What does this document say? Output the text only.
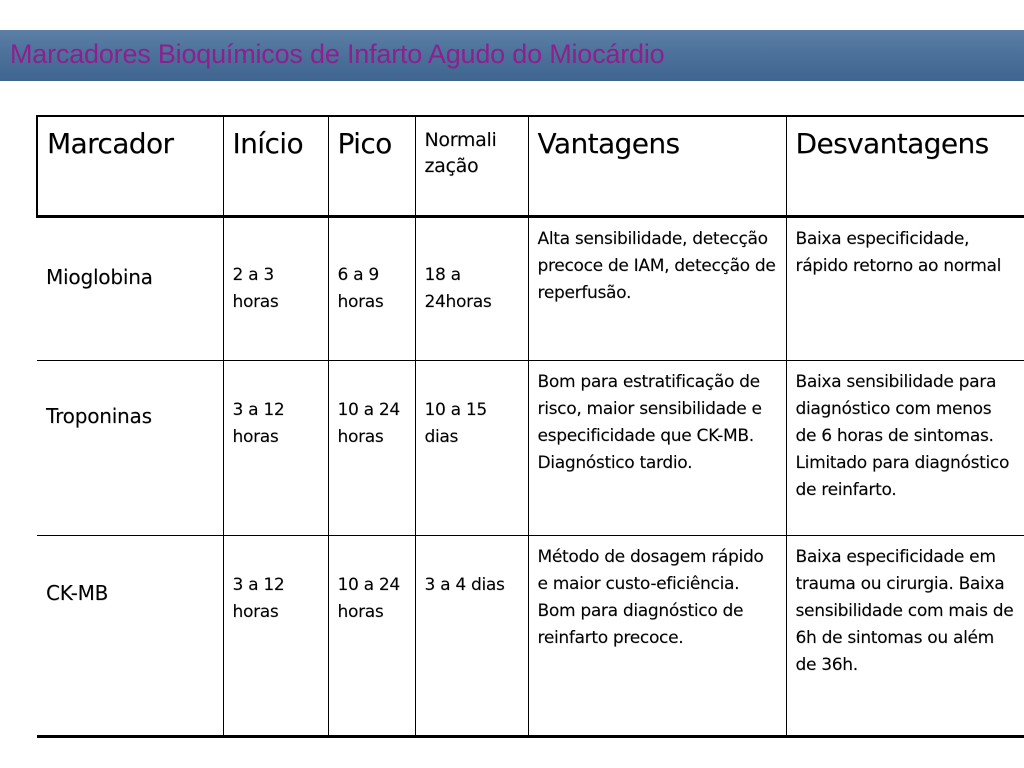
Marcadores Bioquímicos de Infarto Agudo do Miocárdio
Marcador	Início	Pico	Normali zação	Vantagens	Desvantagens

Mioglobina	2 a 3 horas	6 a 9 horas	18 a 24horas	Alta sensibilidade, detecção precoce de IAM, detecção de reperfusão.	Baixa especificidade, rápido retorno ao normal

Troponinas	3 a 12 horas	10 a 24 horas	10 a 15 dias	Bom para estratificação de risco, maior sensibilidade e especificidade que CK-MB. Diagnóstico tardio.	Baixa sensibilidade para diagnóstico com menos de 6 horas de sintomas. Limitado para diagnóstico de reinfarto.

CK-MB	3 a 12 horas	10 a 24 horas	3 a 4 dias	Método de dosagem rápido e maior custo-eficiência. Bom para diagnóstico de reinfarto precoce.	Baixa especificidade em trauma ou cirurgia. Baixa sensibilidade com mais de 6h de sintomas ou além de 36h.
